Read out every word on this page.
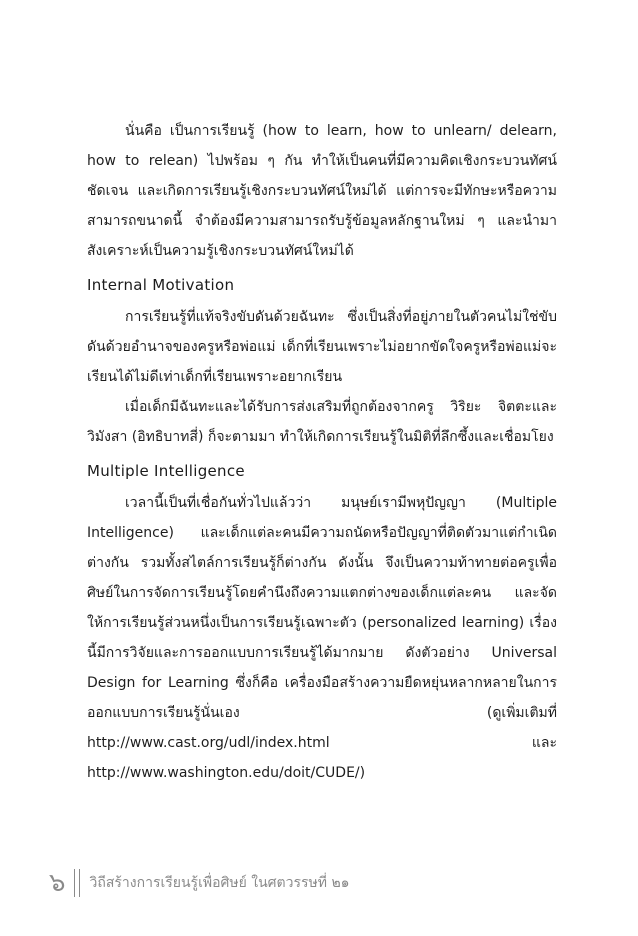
นั่นคือ เป็นการเรียนรู้ (how to learn, how to unlearn/ delearn, how to relean) ไปพร้อม ๆ กัน ทำให้เป็นคนที่มีความคิดเชิงกระบวนทัศน์ชัดเจน และเกิดการเรียนรู้เชิงกระบวนทัศน์ใหม่ได้ แต่การจะมีทักษะหรือความสามารถขนาดนี้ จำต้องมีความสามารถรับรู้ข้อมูลหลักฐานใหม่ ๆ และนำมาสังเคราะห์เป็นความรู้เชิงกระบวนทัศน์ใหม่ได้

Internal Motivation

การเรียนรู้ที่แท้จริงขับดันด้วยฉันทะ ซึ่งเป็นสิ่งที่อยู่ภายในตัวคนไม่ใช่ขับดันด้วยอำนาจของครูหรือพ่อแม่ เด็กที่เรียนเพราะไม่อยากขัดใจครูหรือพ่อแม่จะเรียนได้ไม่ดีเท่าเด็กที่เรียนเพราะอยากเรียน

เมื่อเด็กมีฉันทะและได้รับการส่งเสริมที่ถูกต้องจากครู วิริยะ จิตตะและวิมังสา (อิทธิบาทสี่) ก็จะตามมา ทำให้เกิดการเรียนรู้ในมิติที่ลึกซึ้งและเชื่อมโยง

Multiple Intelligence

เวลานี้เป็นที่เชื่อกันทั่วไปแล้วว่า มนุษย์เรามีพหุปัญญา (Multiple Intelligence) และเด็กแต่ละคนมีความถนัดหรือปัญญาที่ติดตัวมาแต่กำเนิดต่างกัน รวมทั้งสไตล์การเรียนรู้ก็ต่างกัน ดังนั้น จึงเป็นความท้าทายต่อครูเพื่อศิษย์ในการจัดการเรียนรู้โดยคำนึงถึงความแตกต่างของเด็กแต่ละคน และจัดให้การเรียนรู้ส่วนหนึ่งเป็นการเรียนรู้เฉพาะตัว (personalized learning) เรื่องนี้มีการวิจัยและการออกแบบการเรียนรู้ได้มากมาย ดังตัวอย่าง Universal Design for Learning ซึ่งก็คือ เครื่องมือสร้างความยืดหยุ่นหลากหลายในการออกแบบการเรียนรู้นั่นเอง (ดูเพิ่มเติมที่ http://www.cast.org/udl/index.html และ http://www.washington.edu/doit/CUDE/)

๖ วิถีสร้างการเรียนรู้เพื่อศิษย์ ในศตวรรษที่ ๒๑
